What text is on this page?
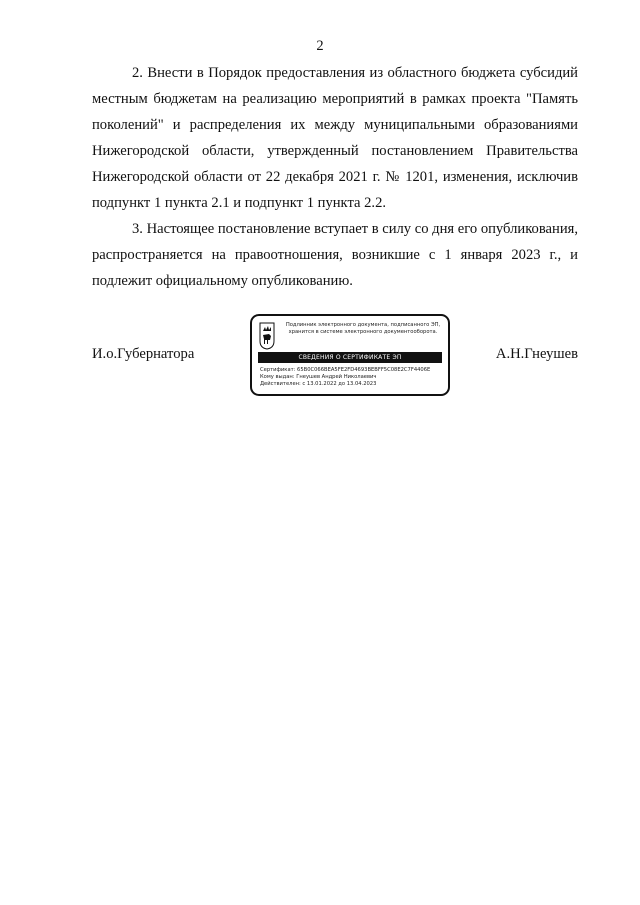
2

2. Внести в Порядок предоставления из областного бюджета субсидий местным бюджетам на реализацию мероприятий в рамках проекта "Память поколений" и распределения их между муниципальными образованиями Нижегородской области, утвержденный постановлением Правительства Нижегородской области от 22 декабря 2021 г. № 1201, изменения, исключив подпункт 1 пункта 2.1 и подпункт 1 пункта 2.2.

3. Настоящее постановление вступает в силу со дня его опубликования, распространяется на правоотношения, возникшие с 1 января 2023 г., и подлежит официальному опубликованию.

И.о.Губернатора
Подлинник электронного документа, подписанного ЭП,
хранится в системе электронного документооборота.
СВЕДЕНИЯ О СЕРТИФИКАТЕ ЭП
Сертификат: 65B0C066BEA5FE2FD4693BEBFF5C08E2C7F4406E
Кому выдан: Гнеушев Андрей Николаевич
Действителен: с 13.01.2022 до 13.04.2023
А.Н.Гнеушев
